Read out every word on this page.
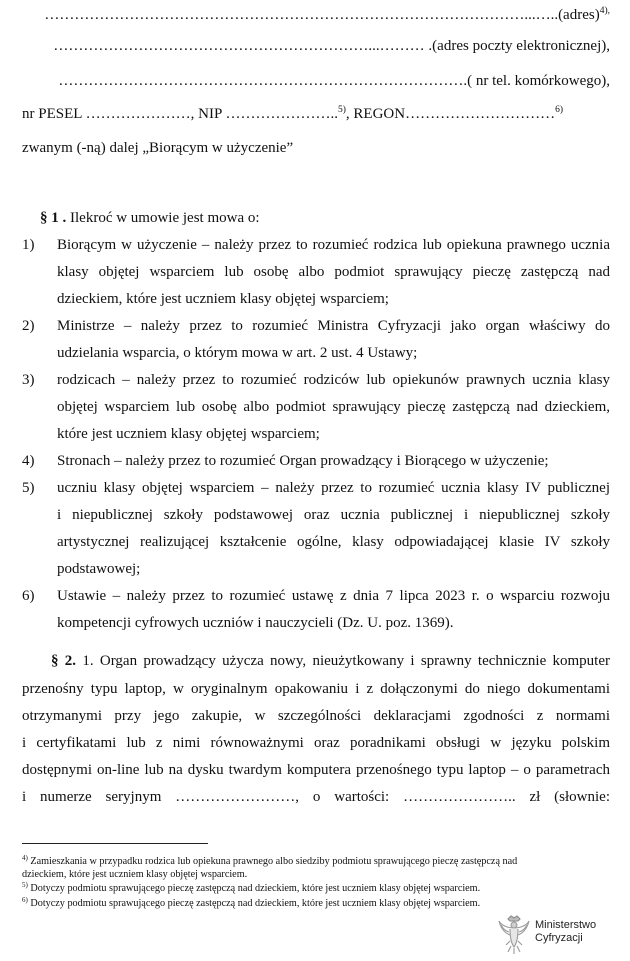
……………………………………………………………………………………...…..(adres)$^{4),}$
………………………………………………………...……… .(adres poczty elektronicznej),
……………………………………………………………………….( nr tel. komórkowego),
nr PESEL …………………, NIP …………………..$^{5)}$, REGON…………………………$^{6)}$
zwanym (-ną) dalej „Biorącym w użyczenie”
§ 1 . Ilekroć w umowie jest mowa o:
1) Biorącym w użyczenie – należy przez to rozumieć rodzica lub opiekuna prawnego ucznia
klasy objętej wsparciem lub osobę albo podmiot sprawujący pieczę zastępczą nad
dzieckiem, które jest uczniem klasy objętej wsparciem;
2) Ministrze – należy przez to rozumieć Ministra Cyfryzacji jako organ właściwy do
udzielania wsparcia, o którym mowa w art. 2 ust. 4 Ustawy;
3) rodzicach – należy przez to rozumieć rodziców lub opiekunów prawnych ucznia klasy
objętej wsparciem lub osobę albo podmiot sprawujący pieczę zastępczą nad dzieckiem,
które jest uczniem klasy objętej wsparciem;
4) Stronach – należy przez to rozumieć Organ prowadzący i Biorącego w użyczenie;
5) uczniu klasy objętej wsparciem – należy przez to rozumieć ucznia klasy IV publicznej
i niepublicznej szkoły podstawowej oraz ucznia publicznej i niepublicznej szkoły
artystycznej realizującej kształcenie ogólne, klasy odpowiadającej klasie IV szkoły
podstawowej;
6) Ustawie – należy przez to rozumieć ustawę z dnia 7 lipca 2023 r. o wsparciu rozwoju
kompetencji cyfrowych uczniów i nauczycieli (Dz. U. poz. 1369).
§ 2. 1. Organ prowadzący użycza nowy, nieużytkowany i sprawny technicznie komputer
przenośny typu laptop, w oryginalnym opakowaniu i z dołączonymi do niego dokumentami
otrzymanymi przy jego zakupie, w szczególności deklaracjami zgodności z normami
i certyfikatami lub z nimi równoważnymi oraz poradnikami obsługi w języku polskim
dostępnymi on-line lub na dysku twardym komputera przenośnego typu laptop – o parametrach
i numerze seryjnym ……………………, o wartości: ………………….. zł (słownie:
$^{4)}$ Zamieszkania w przypadku rodzica lub opiekuna prawnego albo siedziby podmiotu sprawującego pieczę zastępczą nad
dzieckiem, które jest uczniem klasy objętej wsparciem.
$^{5)}$ Dotyczy podmiotu sprawującego pieczę zastępczą nad dzieckiem, które jest uczniem klasy objętej wsparciem.
$^{6)}$ Dotyczy podmiotu sprawującego pieczę zastępczą nad dzieckiem, które jest uczniem klasy objętej wsparciem.
Ministerstwo
Cyfryzacji
